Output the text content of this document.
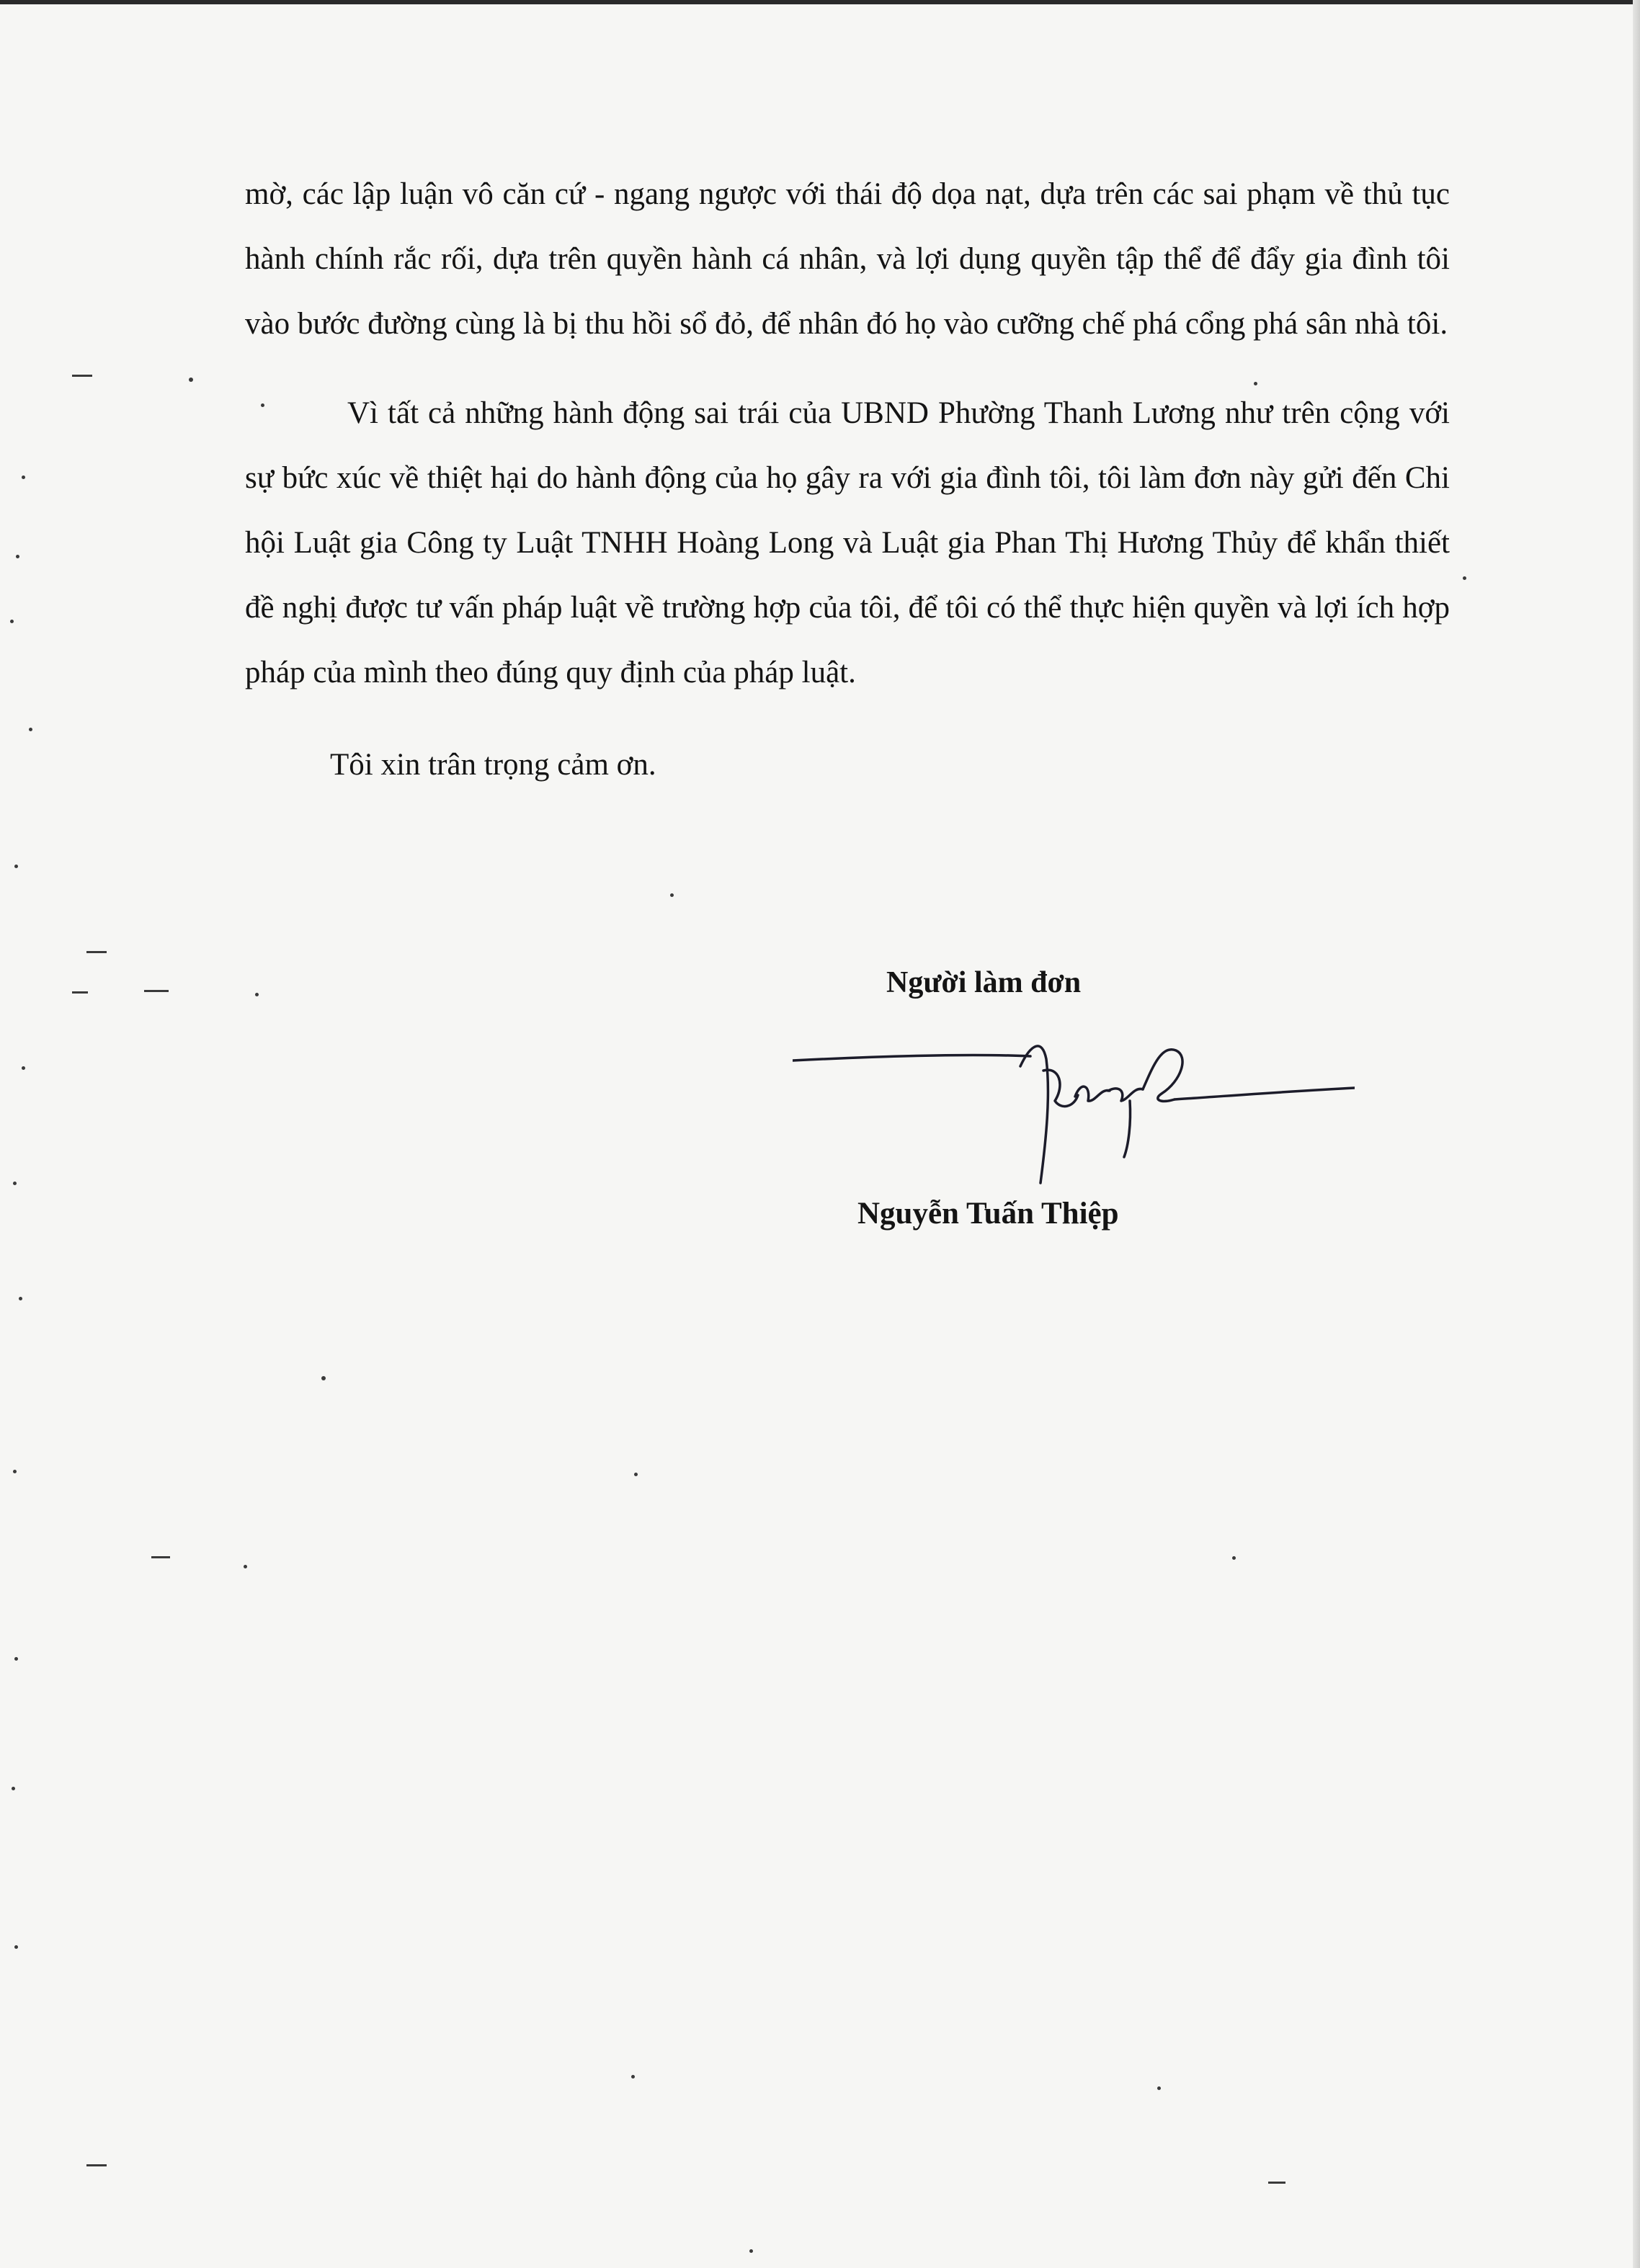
mờ, các lập luận vô căn cứ - ngang ngược với thái độ dọa nạt, dựa trên các sai phạm về thủ tục hành chính rắc rối, dựa trên quyền hành cá nhân, và lợi dụng quyền tập thể để đẩy gia đình tôi vào bước đường cùng là bị thu hồi sổ đỏ, để nhân đó họ vào cưỡng chế phá cổng phá sân nhà tôi.

Vì tất cả những hành động sai trái của UBND Phường Thanh Lương như trên cộng với sự bức xúc về thiệt hại do hành động của họ gây ra với gia đình tôi, tôi làm đơn này gửi đến Chi hội Luật gia Công ty Luật TNHH Hoàng Long và Luật gia Phan Thị Hương Thủy để khẩn thiết đề nghị được tư vấn pháp luật về trường hợp của tôi, để tôi có thể thực hiện quyền và lợi ích hợp pháp của mình theo đúng quy định của pháp luật.

Tôi xin trân trọng cảm ơn.

Người làm đơn
Nguyễn Tuấn Thiệp
